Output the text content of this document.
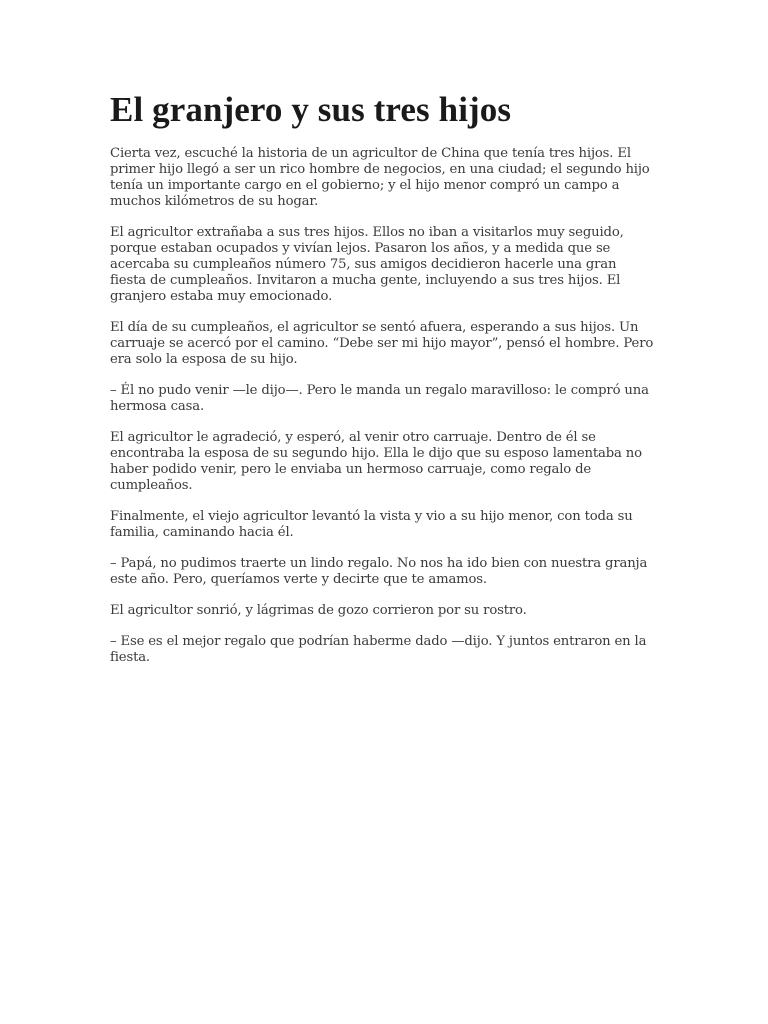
El granjero y sus tres hijos

Cierta vez, escuché la historia de un agricultor de China que tenía tres hijos. El primer hijo llegó a ser un rico hombre de negocios, en una ciudad; el segundo hijo tenía un importante cargo en el gobierno; y el hijo menor compró un campo a muchos kilómetros de su hogar.

El agricultor extrañaba a sus tres hijos. Ellos no iban a visitarlos muy seguido, porque estaban ocupados y vivían lejos. Pasaron los años, y a medida que se acercaba su cumpleaños número 75, sus amigos decidieron hacerle una gran fiesta de cumpleaños. Invitaron a mucha gente, incluyendo a sus tres hijos. El granjero estaba muy emocionado.

El día de su cumpleaños, el agricultor se sentó afuera, esperando a sus hijos. Un carruaje se acercó por el camino. “Debe ser mi hijo mayor”, pensó el hombre. Pero era solo la esposa de su hijo.

– Él no pudo venir —le dijo—. Pero le manda un regalo maravilloso: le compró una hermosa casa.

El agricultor le agradeció, y esperó, al venir otro carruaje. Dentro de él se encontraba la esposa de su segundo hijo. Ella le dijo que su esposo lamentaba no haber podido venir, pero le enviaba un hermoso carruaje, como regalo de cumpleaños.

Finalmente, el viejo agricultor levantó la vista y vio a su hijo menor, con toda su familia, caminando hacia él.

– Papá, no pudimos traerte un lindo regalo. No nos ha ido bien con nuestra granja este año. Pero, queríamos verte y decirte que te amamos.

El agricultor sonrió, y lágrimas de gozo corrieron por su rostro.

– Ese es el mejor regalo que podrían haberme dado —dijo. Y juntos entraron en la fiesta.
